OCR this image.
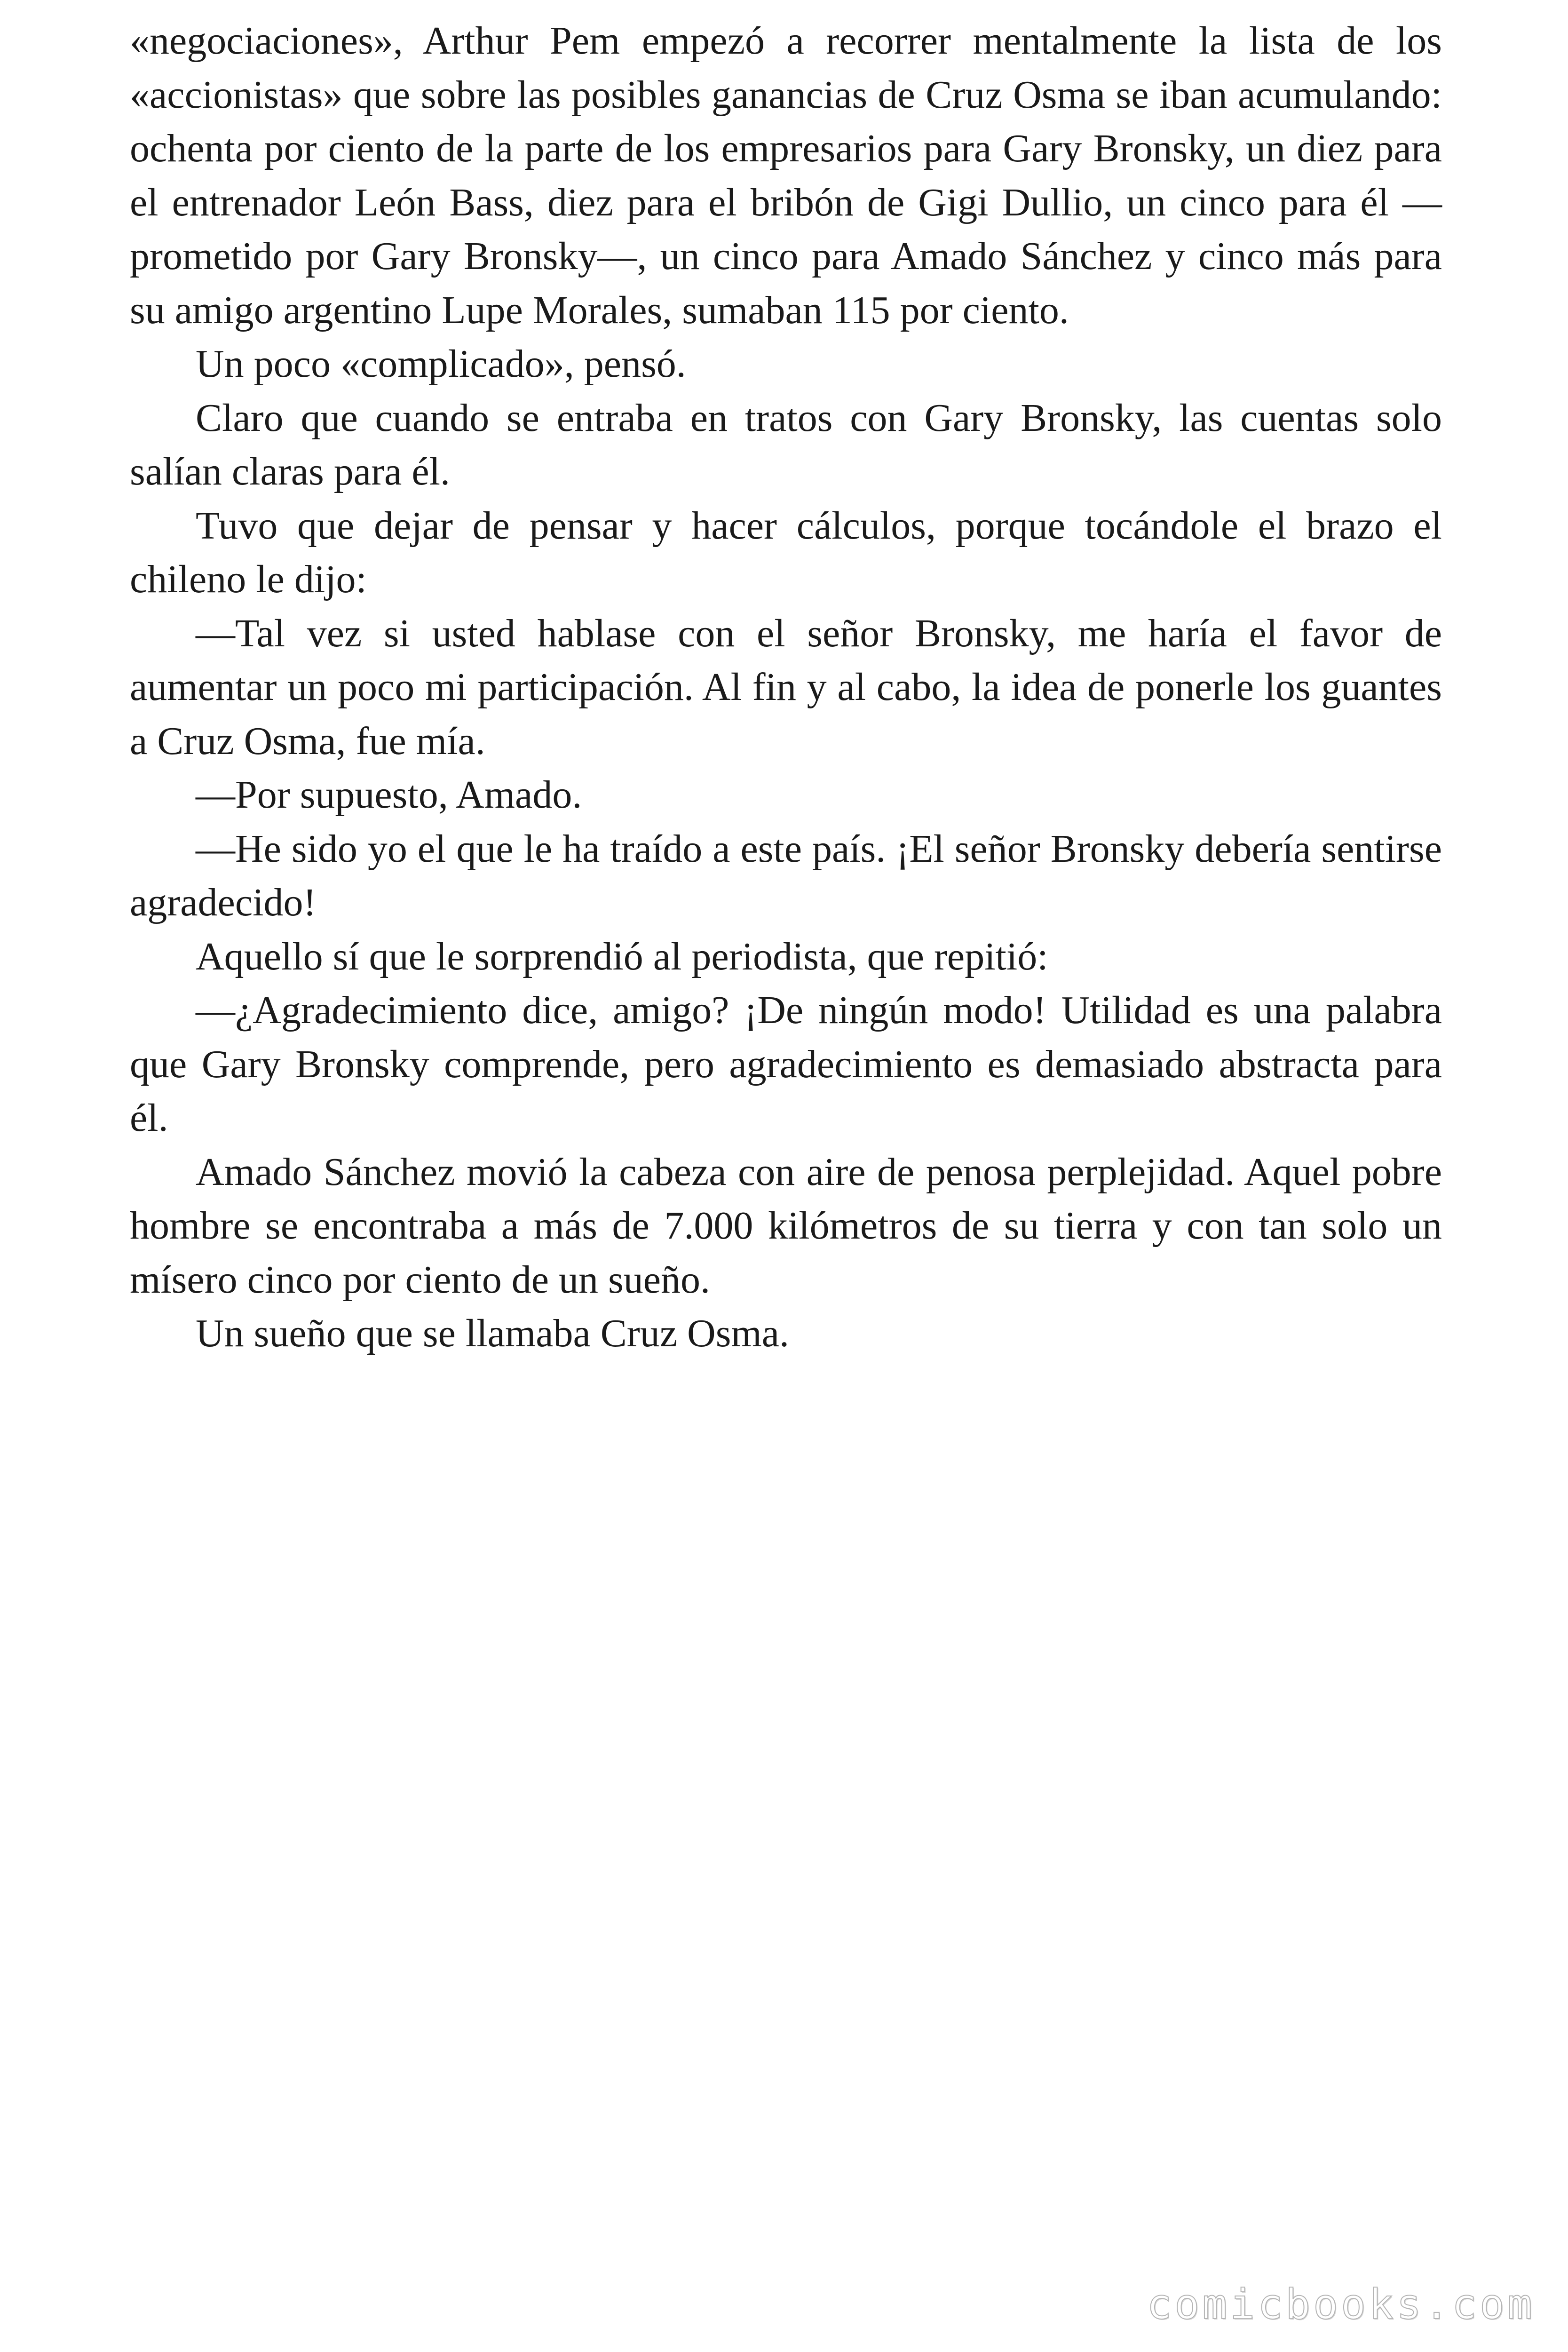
«negociaciones», Arthur Pem empezó a recorrer mentalmente la lista de los «accionistas» que sobre las posibles ganancias de Cruz Osma se iban acumulando: ochenta por ciento de la parte de los empresarios para Gary Bronsky, un diez para el entrenador León Bass, diez para el bribón de Gigi Dullio, un cinco para él —prometido por Gary Bronsky—, un cinco para Amado Sánchez y cinco más para su amigo argentino Lupe Morales, sumaban 115 por ciento.

Un poco «complicado», pensó.

Claro que cuando se entraba en tratos con Gary Bronsky, las cuentas solo salían claras para él.

Tuvo que dejar de pensar y hacer cálculos, porque tocándole el brazo el chileno le dijo:

—Tal vez si usted hablase con el señor Bronsky, me haría el favor de aumentar un poco mi participación. Al fin y al cabo, la idea de ponerle los guantes a Cruz Osma, fue mía.

—Por supuesto, Amado.

—He sido yo el que le ha traído a este país. ¡El señor Bronsky debería sentirse agradecido!

Aquello sí que le sorprendió al periodista, que repitió:

—¿Agradecimiento dice, amigo? ¡De ningún modo! Utilidad es una palabra que Gary Bronsky comprende, pero agradecimiento es demasiado abstracta para él.

Amado Sánchez movió la cabeza con aire de penosa perplejidad. Aquel pobre hombre se encontraba a más de 7.000 kilómetros de su tierra y con tan solo un mísero cinco por ciento de un sueño.

Un sueño que se llamaba Cruz Osma.

comicbooks.com
